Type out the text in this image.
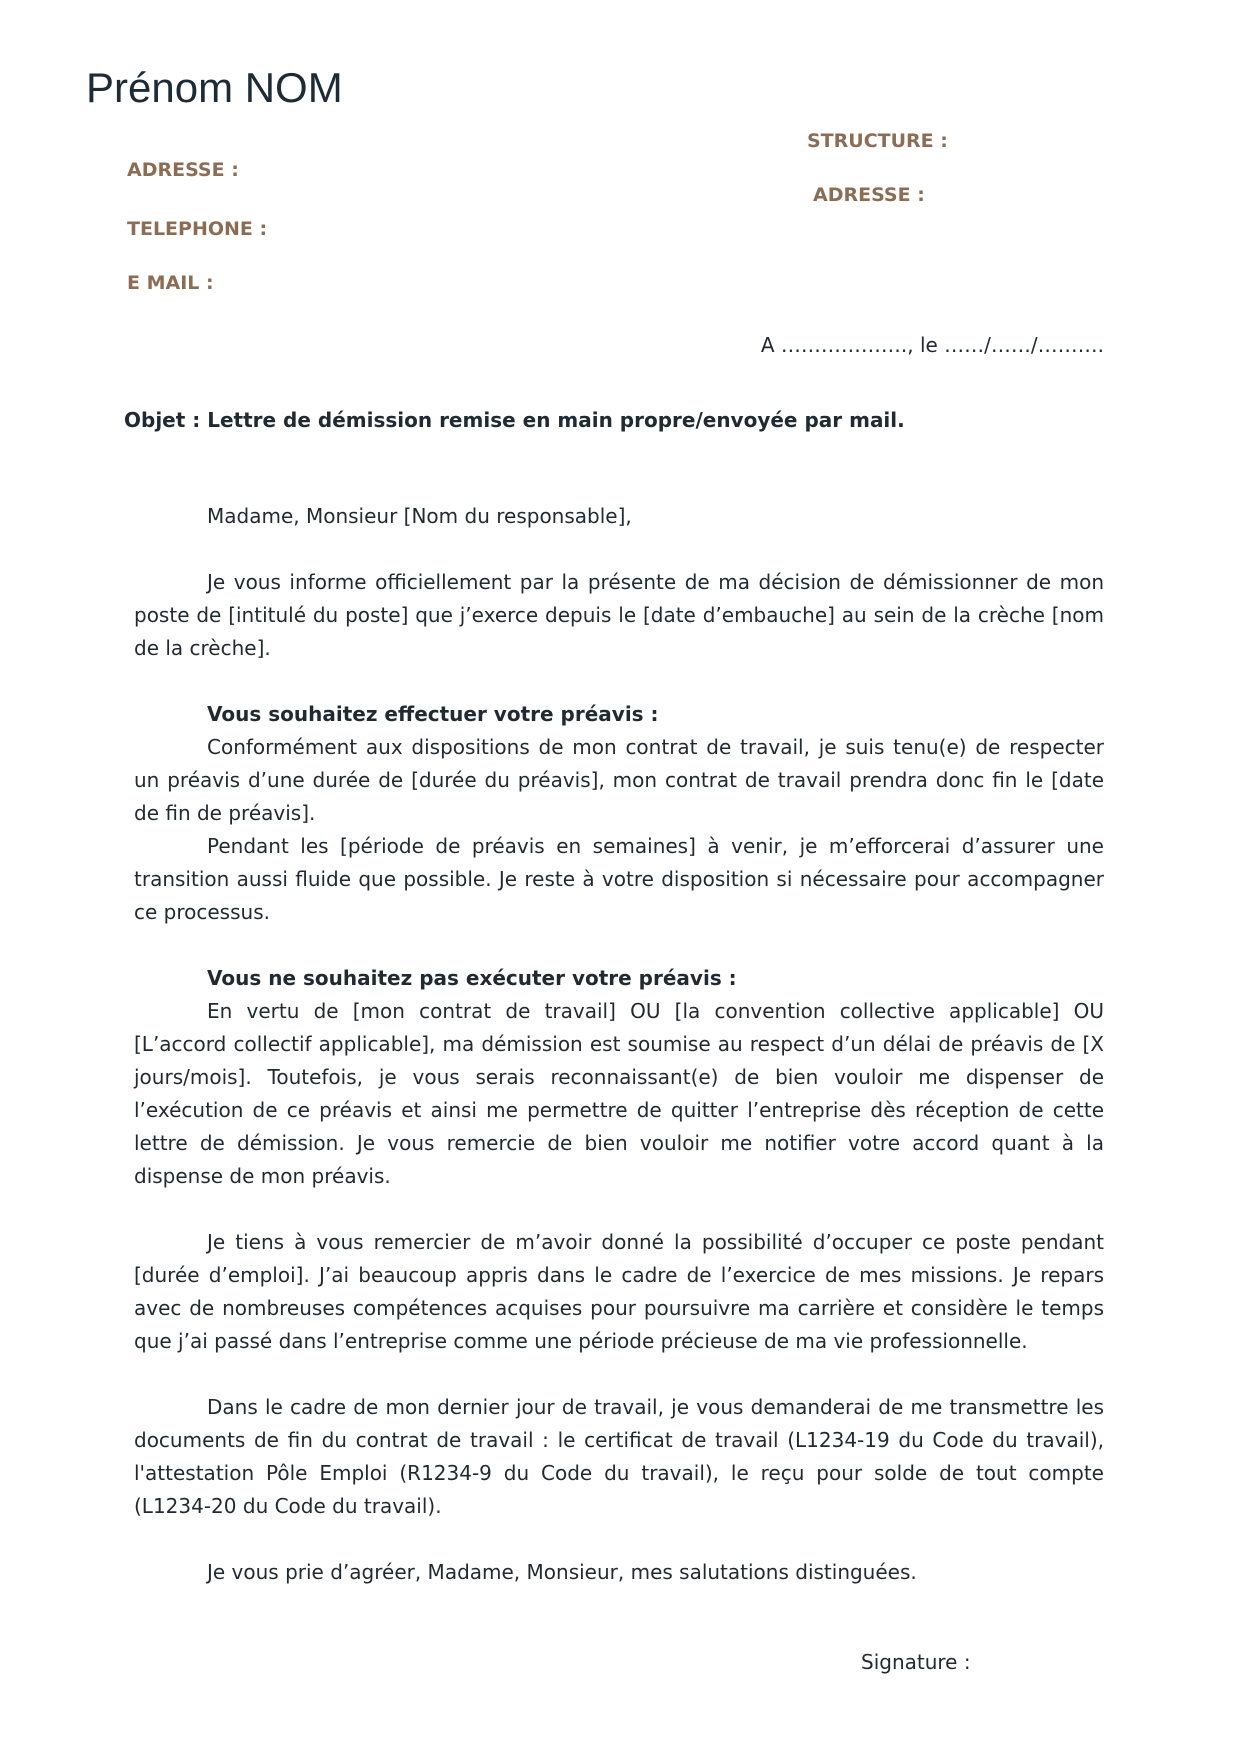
Prénom NOM
STRUCTURE :
ADRESSE :
ADRESSE :
TELEPHONE :
E MAIL :
A ………………., le ……/……/……….
Objet : Lettre de démission remise en main propre/envoyée par mail.

Madame, Monsieur [Nom du responsable],

Je vous informe officiellement par la présente de ma décision de démissionner de mon poste de [intitulé du poste] que j’exerce depuis le [date d’embauche] au sein de la crèche [nom de la crèche].

Vous souhaitez effectuer votre préavis :

Conformément aux dispositions de mon contrat de travail, je suis tenu(e) de respecter un préavis d’une durée de [durée du préavis], mon contrat de travail prendra donc fin le [date de fin de préavis].

Pendant les [période de préavis en semaines] à venir, je m’efforcerai d’assurer une transition aussi fluide que possible. Je reste à votre disposition si nécessaire pour accompagner ce processus.

Vous ne souhaitez pas exécuter votre préavis :

En vertu de [mon contrat de travail] OU [la convention collective applicable] OU [L’accord collectif applicable], ma démission est soumise au respect d’un délai de préavis de [X jours/mois]. Toutefois, je vous serais reconnaissant(e) de bien vouloir me dispenser de l’exécution de ce préavis et ainsi me permettre de quitter l’entreprise dès réception de cette lettre de démission. Je vous remercie de bien vouloir me notifier votre accord quant à la dispense de mon préavis.

Je tiens à vous remercier de m’avoir donné la possibilité d’occuper ce poste pendant [durée d’emploi]. J’ai beaucoup appris dans le cadre de l’exercice de mes missions. Je repars avec de nombreuses compétences acquises pour poursuivre ma carrière et considère le temps que j’ai passé dans l’entreprise comme une période précieuse de ma vie professionnelle.

Dans le cadre de mon dernier jour de travail, je vous demanderai de me transmettre les documents de fin du contrat de travail : le certificat de travail (L1234-19 du Code du travail), l'attestation Pôle Emploi (R1234-9 du Code du travail), le reçu pour solde de tout compte (L1234-20 du Code du travail).

Je vous prie d’agréer, Madame, Monsieur, mes salutations distinguées.

Signature :
